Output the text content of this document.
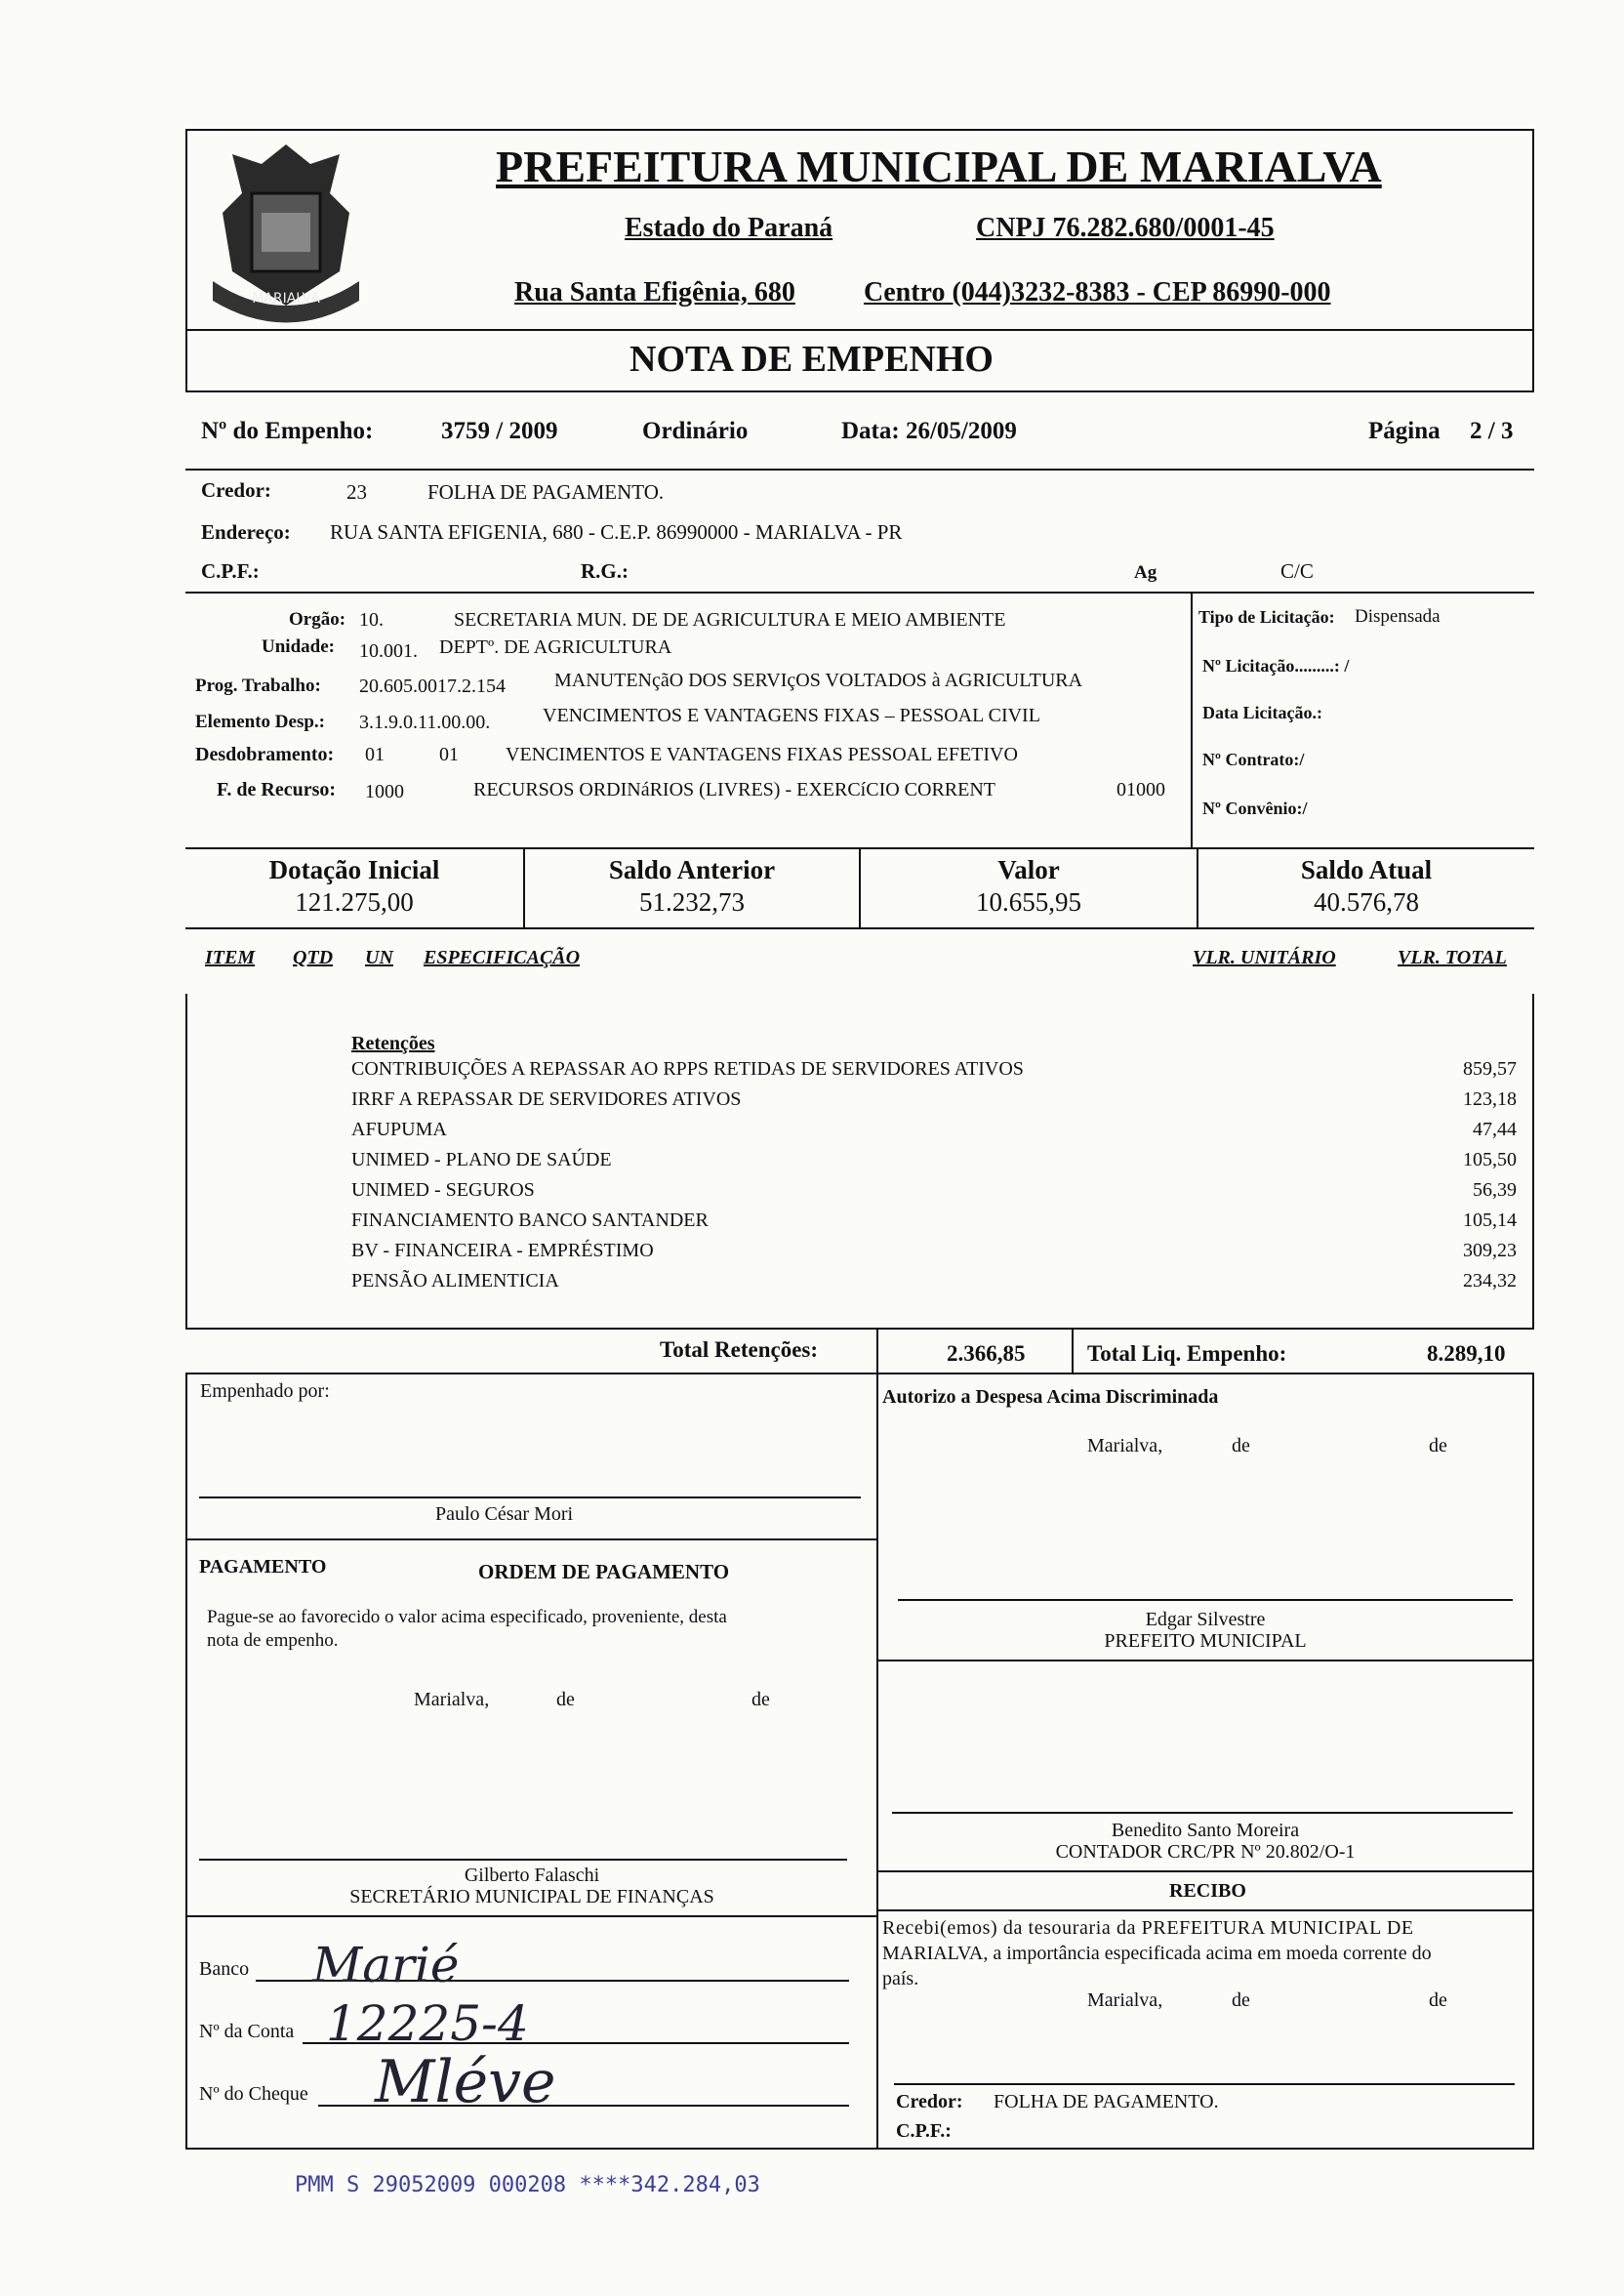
MARIALVA
PREFEITURA MUNICIPAL DE MARIALVA
Estado do Paraná	CNPJ 76.282.680/0001-45
Rua Santa Efigênia, 680	Centro (044)3232-8383 - CEP 86990-000
NOTA DE EMPENHO
Nº do Empenho:	3759 / 2009	Ordinário	Data: 26/05/2009	Página 2 / 3
Credor:	23	FOLHA DE PAGAMENTO.
Endereço: RUA SANTA EFIGENIA, 680 - C.E.P. 86990000 - MARIALVA - PR
C.P.F.:	R.G.:	Ag	C/C
Orgão: 10.	SECRETARIA MUN. DE DE AGRICULTURA E MEIO AMBIENTE
Unidade: 10.001. DEPTº. DE AGRICULTURA
Prog. Trabalho: 20.605.0017.2.154	MANUTENçãO DOS SERVIçOS VOLTADOS à AGRICULTURA
Elemento Desp.: 3.1.9.0.11.00.00.	VENCIMENTOS E VANTAGENS FIXAS – PESSOAL CIVIL
Desdobramento: 01	01 VENCIMENTOS E VANTAGENS FIXAS PESSOAL EFETIVO
F. de Recurso: 1000	RECURSOS ORDINáRIOS (LIVRES) - EXERCíCIO CORRENT	01000
Tipo de Licitação: Dispensada
Nº Licitação.........: /
Data Licitação.:
Nº Contrato:/
Nº Convênio:/
Dotação Inicial
121.275,00
Saldo Anterior
51.232,73
Valor
10.655,95
Saldo Atual
40.576,78
ITEM QTD UN ESPECIFICAÇÃO	VLR. UNITÁRIO	VLR. TOTAL
Retenções
CONTRIBUIÇÕES A REPASSAR AO RPPS RETIDAS DE SERVIDORES ATIVOS	859,57
IRRF A REPASSAR DE SERVIDORES ATIVOS	123,18
AFUPUMA	47,44
UNIMED - PLANO DE SAÚDE	105,50
UNIMED - SEGUROS	56,39
FINANCIAMENTO BANCO SANTANDER	105,14
BV - FINANCEIRA - EMPRÉSTIMO	309,23
PENSÃO ALIMENTICIA	234,32
Total Retenções:	2.366,85	Total Liq. Empenho:	8.289,10
Empenhado por:
Paulo César Mori
Autorizo a Despesa Acima Discriminada
Marialva,	de	de
Edgar Silvestre
PREFEITO MUNICIPAL
PAGAMENTO	ORDEM DE PAGAMENTO
Pague-se ao favorecido o valor acima especificado, proveniente, desta
nota de empenho.
Marialva,	de	de
Gilberto Falaschi
SECRETÁRIO MUNICIPAL DE FINANÇAS
Benedito Santo Moreira
CONTADOR CRC/PR Nº 20.802/O-1
Banco Marié
Nº da Conta 12225-4
Nº do Cheque Mléve
RECIBO
Recebi(emos) da tesouraria da PREFEITURA MUNICIPAL DE
MARIALVA, a importância especificada acima em moeda corrente do
país.
Marialva,	de	de
Credor: FOLHA DE PAGAMENTO.
C.P.F.:
PMM S 29052009 000208 ****342.284,03
